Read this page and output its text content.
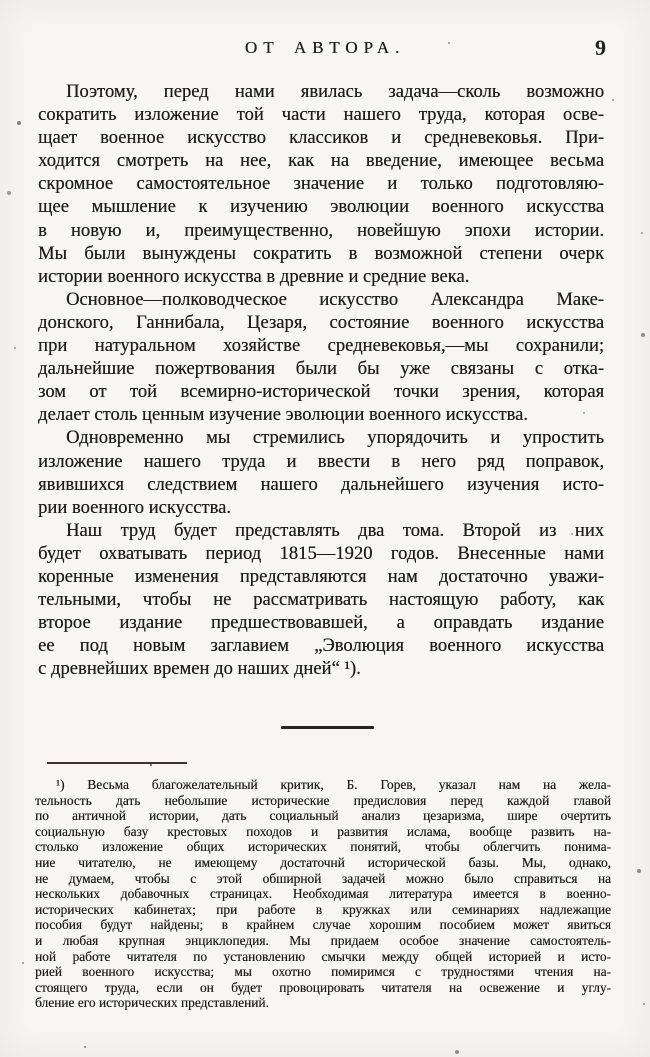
ОТ АВТОРА.	9
Поэтому, перед нами явилась задача—сколь возможно
сократить изложение той части нашего труда, которая осве-
щает военное искусство классиков и средневековья. При-
ходится смотреть на нее, как на введение, имеющее весьма
скромное самостоятельное значение и только подготовляю-
щее мышление к изучению эволюции военного искусства
в новую и, преимущественно, новейшую эпохи истории.
Мы были вынуждены сократить в возможной степени очерк
истории военного искусства в древние и средние века.
Основное—полководческое искусство Александра Маке-
донского, Ганнибала, Цезаря, состояние военного искусства
при натуральном хозяйстве средневековья,—мы сохранили;
дальнейшие пожертвования были бы уже связаны с отка-
зом от той всемирно-исторической точки зрения, которая
делает столь ценным изучение эволюции военного искусства.
Одновременно мы стремились упорядочить и упростить
изложение нашего труда и ввести в него ряд поправок,
явившихся следствием нашего дальнейшего изучения исто-
рии военного искусства.
Наш труд будет представлять два тома. Второй из них
будет охватывать период 1815—1920 годов. Внесенные нами
коренные изменения представляются нам достаточно уважи-
тельными, чтобы не рассматривать настоящую работу, как
второе издание предшествовавшей, а оправдать издание
ее под новым заглавием „Эволюция военного искусства
с древнейших времен до наших дней“ ¹).
¹) Весьма благожелательный критик, Б. Горев, указал нам на жела-
тельность дать небольшие исторические предисловия перед каждой главой
по античной истории, дать социальный анализ цезаризма, шире очертить
социальную базу крестовых походов и развития ислама, вообще развить на-
столько изложение общих исторических понятий, чтобы облегчить понима-
ние читателю, не имеющему достаточнй исторической базы. Мы, однако,
не думаем, чтобы с этой обширной задачей можно было справиться на
нескольких добавочных страницах. Необходимая литература имеется в военно-
исторических кабинетах; при работе в кружках или семинариях надлежащие
пособия будут найдены; в крайнем случае хорошим пособием может явиться
и любая крупная энциклопедия. Мы придаем особое значение самостоятель-
ной работе читателя по установлению смычки между общей историей и исто-
рией военного искусства; мы охотно помиримся с трудностями чтения на-
стоящего труда, если он будет провоцировать читателя на освежение и углу-
бление его исторических представлений.
